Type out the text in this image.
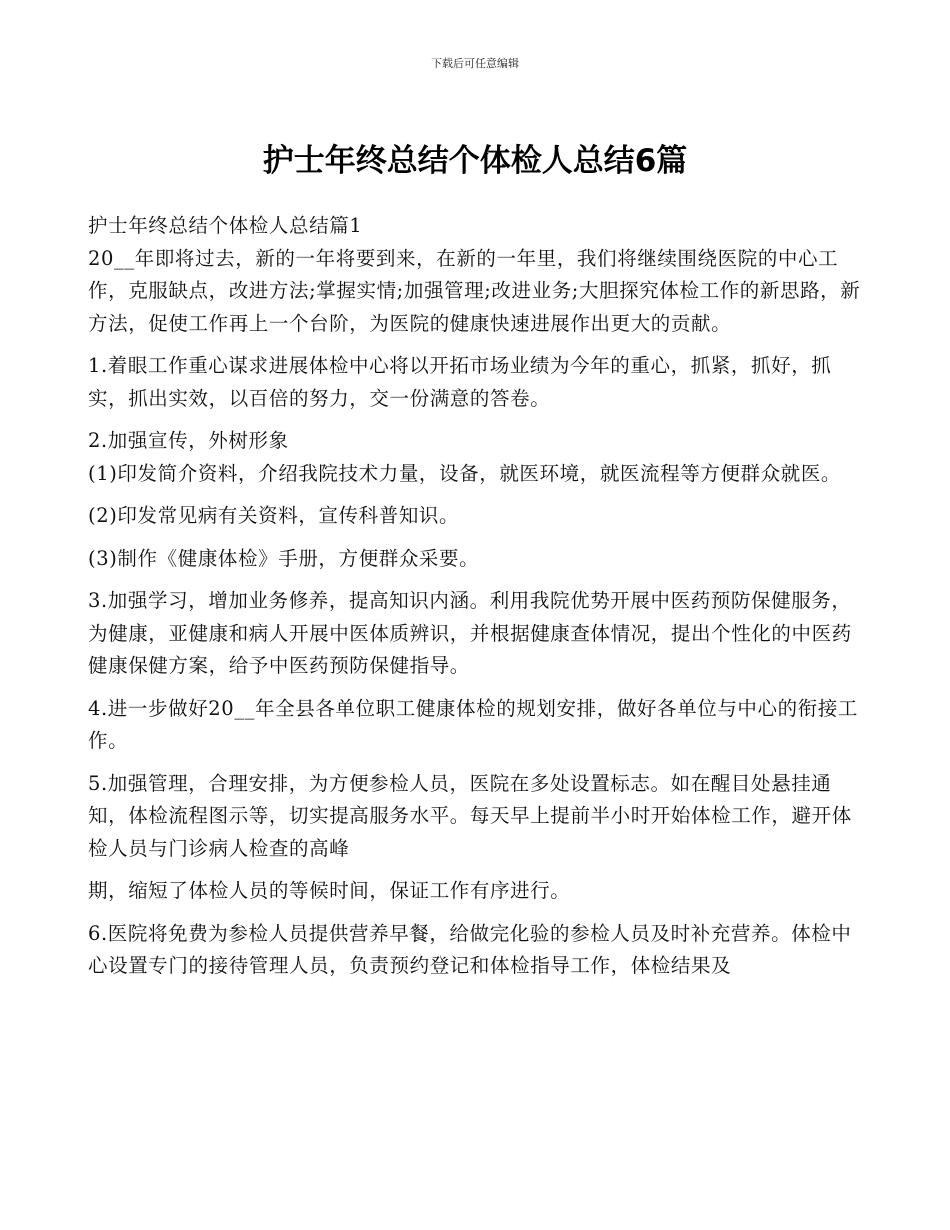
下载后可任意编辑
护士年终总结个体检人总结6篇

护士年终总结个体检人总结篇1

20__年即将过去，新的一年将要到来，在新的一年里，我们将继续围绕医院的中心工作，克服缺点，改进方法;掌握实情;加强管理;改进业务;大胆探究体检工作的新思路，新方法，促使工作再上一个台阶，为医院的健康快速进展作出更大的贡献。

1.着眼工作重心谋求进展体检中心将以开拓市场业绩为今年的重心，抓紧，抓好，抓实，抓出实效，以百倍的努力，交一份满意的答卷。

2.加强宣传，外树形象

(1)印发简介资料，介绍我院技术力量，设备，就医环境，就医流程等方便群众就医。

(2)印发常见病有关资料，宣传科普知识。

(3)制作《健康体检》手册，方便群众采要。

3.加强学习，增加业务修养，提高知识内涵。利用我院优势开展中医药预防保健服务，为健康，亚健康和病人开展中医体质辨识，并根据健康查体情况，提出个性化的中医药健康保健方案，给予中医药预防保健指导。

4.进一步做好20__年全县各单位职工健康体检的规划安排，做好各单位与中心的衔接工作。

5.加强管理，合理安排，为方便参检人员，医院在多处设置标志。如在醒目处悬挂通知，体检流程图示等，切实提高服务水平。每天早上提前半小时开始体检工作，避开体检人员与门诊病人检查的高峰

期，缩短了体检人员的等候时间，保证工作有序进行。

6.医院将免费为参检人员提供营养早餐，给做完化验的参检人员及时补充营养。体检中心设置专门的接待管理人员，负责预约登记和体检指导工作，体检结果及
